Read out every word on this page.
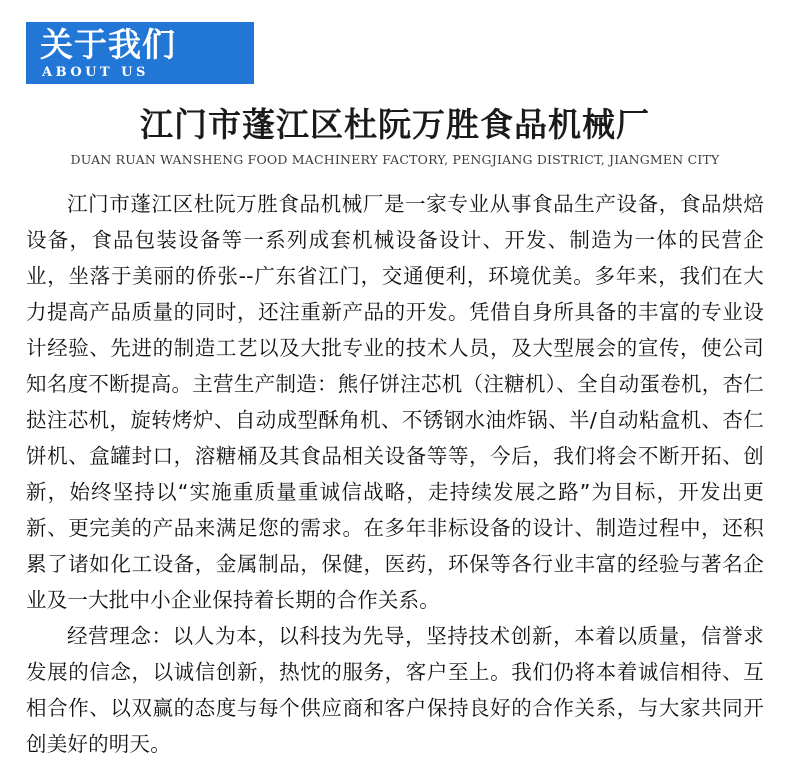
关于我们
ABOUT US
江门市蓬江区杜阮万胜食品机械厂
DUAN RUAN WANSHENG FOOD MACHINERY FACTORY, PENGJIANG DISTRICT, JIANGMEN CITY

江门市蓬江区杜阮万胜食品机械厂是一家专业从事食品生产设备，食品烘焙设备，食品包装设备等一系列成套机械设备设计、开发、制造为一体的民营企业，坐落于美丽的侨张--广东省江门，交通便利，环境优美。多年来，我们在大力提高产品质量的同时，还注重新产品的开发。凭借自身所具备的丰富的专业设计经验、先进的制造工艺以及大批专业的技术人员，及大型展会的宣传，使公司知名度不断提高。主营生产制造：熊仔饼注芯机（注糖机）、全自动蛋卷机，杏仁挞注芯机，旋转烤炉、自动成型酥角机、不锈钢水油炸锅、半/自动粘盒机、杏仁饼机、盒罐封口，溶糖桶及其食品相关设备等等，今后，我们将会不断开拓、创新，始终坚持以“实施重质量重诚信战略，走持续发展之路”为目标，开发出更新、更完美的产品来满足您的需求。在多年非标设备的设计、制造过程中，还积累了诸如化工设备，金属制品，保健，医药，环保等各行业丰富的经验与著名企业及一大批中小企业保持着长期的合作关系。

经营理念：以人为本，以科技为先导，坚持技术创新，本着以质量，信誉求发展的信念，以诚信创新，热忱的服务，客户至上。我们仍将本着诚信相待、互相合作、以双赢的态度与每个供应商和客户保持良好的合作关系，与大家共同开创美好的明天。
